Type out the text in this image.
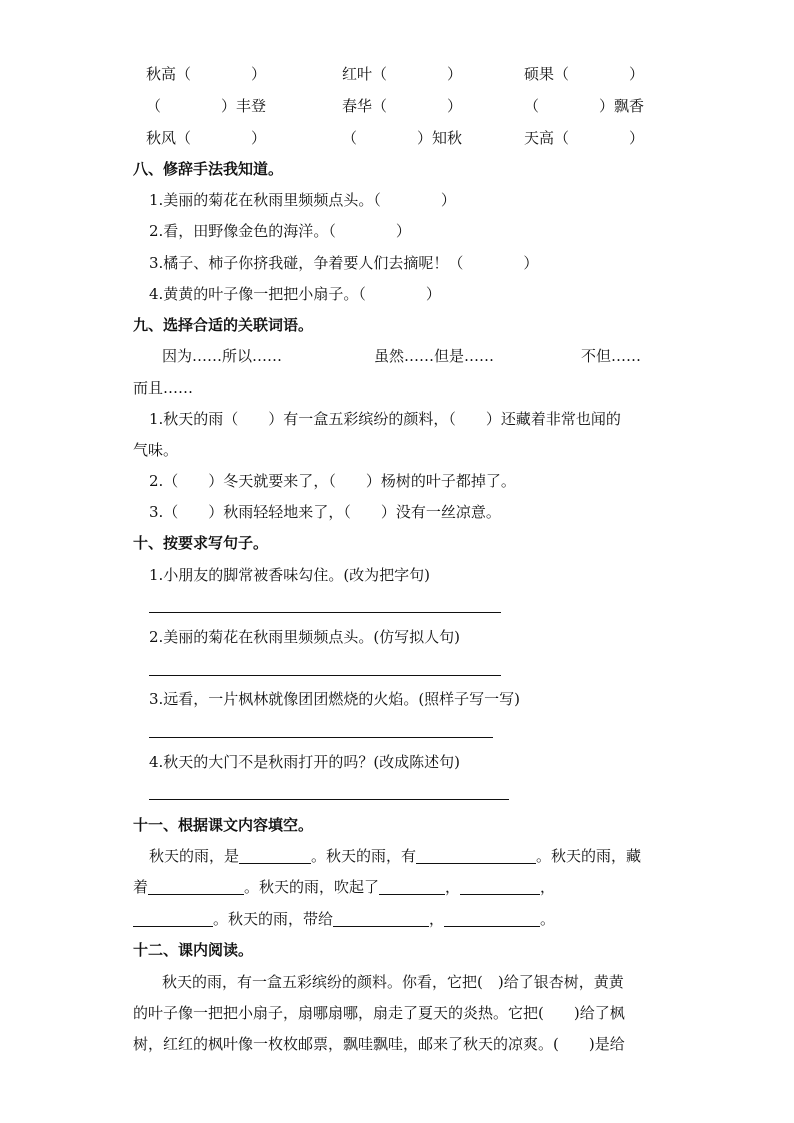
秋高（　　　　）	红叶（　　　　）	硕果（　　　　）
（　　　　）丰登	春华（　　　　）	（　　　　）飘香
秋风（　　　　）	（　　　　）知秋	天高（　　　　）
八、修辞手法我知道。
1.美丽的菊花在秋雨里频频点头。（　　　　）
2.看，田野像金色的海洋。（　　　　）
3.橘子、柿子你挤我碰，争着要人们去摘呢！（　　　　）
4.黄黄的叶子像一把把小扇子。（　　　　）
九、选择合适的关联词语。
因为……所以……	虽然……但是……	不但……
而且……
1.秋天的雨（　　）有一盒五彩缤纷的颜料，（　　）还藏着非常也闻的
气味。
2.（　　）冬天就要来了，（　　）杨树的叶子都掉了。
3.（　　）秋雨轻轻地来了，（　　）没有一丝凉意。
十、按要求写句子。
1.小朋友的脚常被香味勾住。(改为把字句)
2.美丽的菊花在秋雨里频频点头。(仿写拟人句)
3.远看，一片枫林就像团团燃烧的火焰。(照样子写一写)
4.秋天的大门不是秋雨打开的吗？(改成陈述句)
十一、根据课文内容填空。
秋天的雨，是	。秋天的雨，有	。秋天的雨，藏
着	。秋天的雨，吹起了	，	，
。秋天的雨，带给	，	。
十二、课内阅读。
秋天的雨，有一盒五彩缤纷的颜料。你看，它把(　)给了银杏树，黄黄
的叶子像一把把小扇子，扇哪扇哪，扇走了夏天的炎热。它把(　　)给了枫
树，红红的枫叶像一枚枚邮票，飘哇飘哇，邮来了秋天的凉爽。(　　)是给
